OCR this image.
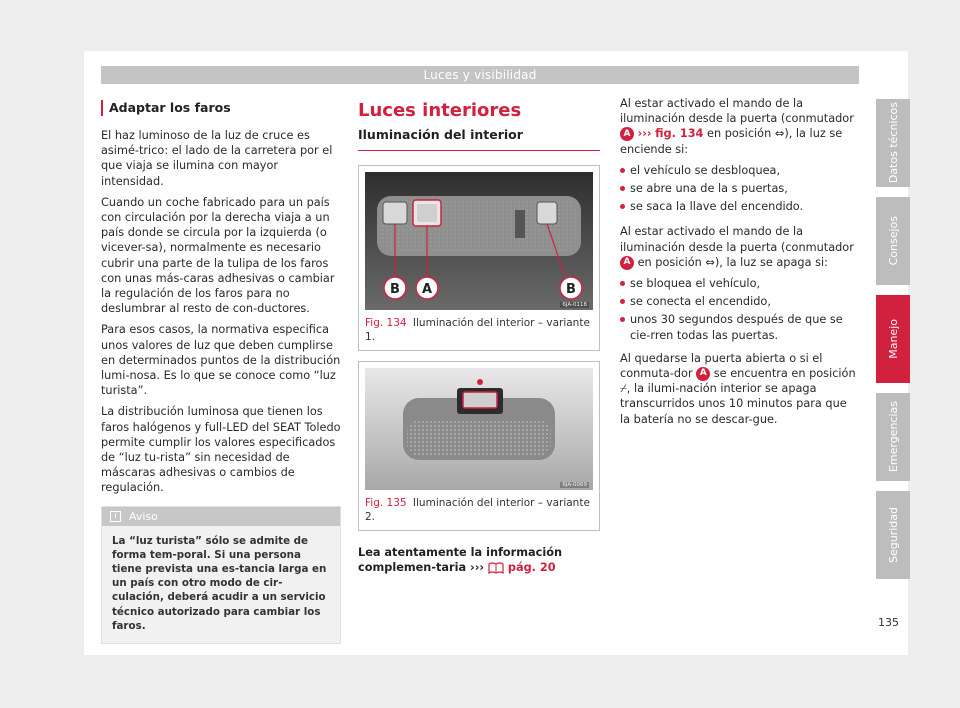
Luces y visibilidad
Adaptar los faros

El haz luminoso de la luz de cruce es asimé-trico: el lado de la carretera por el que viaja se ilumina con mayor intensidad.

Cuando un coche fabricado para un país con circulación por la derecha viaja a un país donde se circula por la izquierda (o vicever-sa), normalmente es necesario cubrir una parte de la tulipa de los faros con unas más-caras adhesivas o cambiar la regulación de los faros para no deslumbrar al resto de con-ductores.

Para esos casos, la normativa especifica unos valores de luz que deben cumplirse en determinados puntos de la distribución lumi-nosa. Es lo que se conoce como “luz turista”.

La distribución luminosa que tienen los faros halógenos y full-LED del SEAT Toledo permite cumplir los valores especificados de “luz tu-rista” sin necesidad de máscaras adhesivas o cambios de regulación.

i	Aviso
La “luz turista” sólo se admite de forma tem-poral. Si una persona tiene prevista una es-tancia larga en un país con otro modo de cir-culación, deberá acudir a un servicio técnico autorizado para cambiar los faros.
Luces interiores
Iluminación del interior
B A	B
6JA-0118
Fig. 134 Iluminación del interior – variante 1.
6JA-0069
Fig. 135 Iluminación del interior – variante 2.
Lea atentamente la información complemen-taria ››› pág. 20

Al estar activado el mando de la iluminación desde la puerta (conmutador A ››› fig. 134 en posición ⇔), la luz se enciende si:

el vehículo se desbloquea,
se abre una de la s puertas,
se saca la llave del encendido.

Al estar activado el mando de la iluminación desde la puerta (conmutador A en posición ⇔), la luz se apaga si:

se bloquea el vehículo,
se conecta el encendido,
unos 30 segundos después de que se cie-rren todas las puertas.

Al quedarse la puerta abierta o si el conmuta-dor A se encuentra en posición ⌿, la ilumi-nación interior se apaga transcurridos unos 10 minutos para que la batería no se descar-gue.

Datos técnicos
Consejos
Manejo
Emergencias
Seguridad
135
